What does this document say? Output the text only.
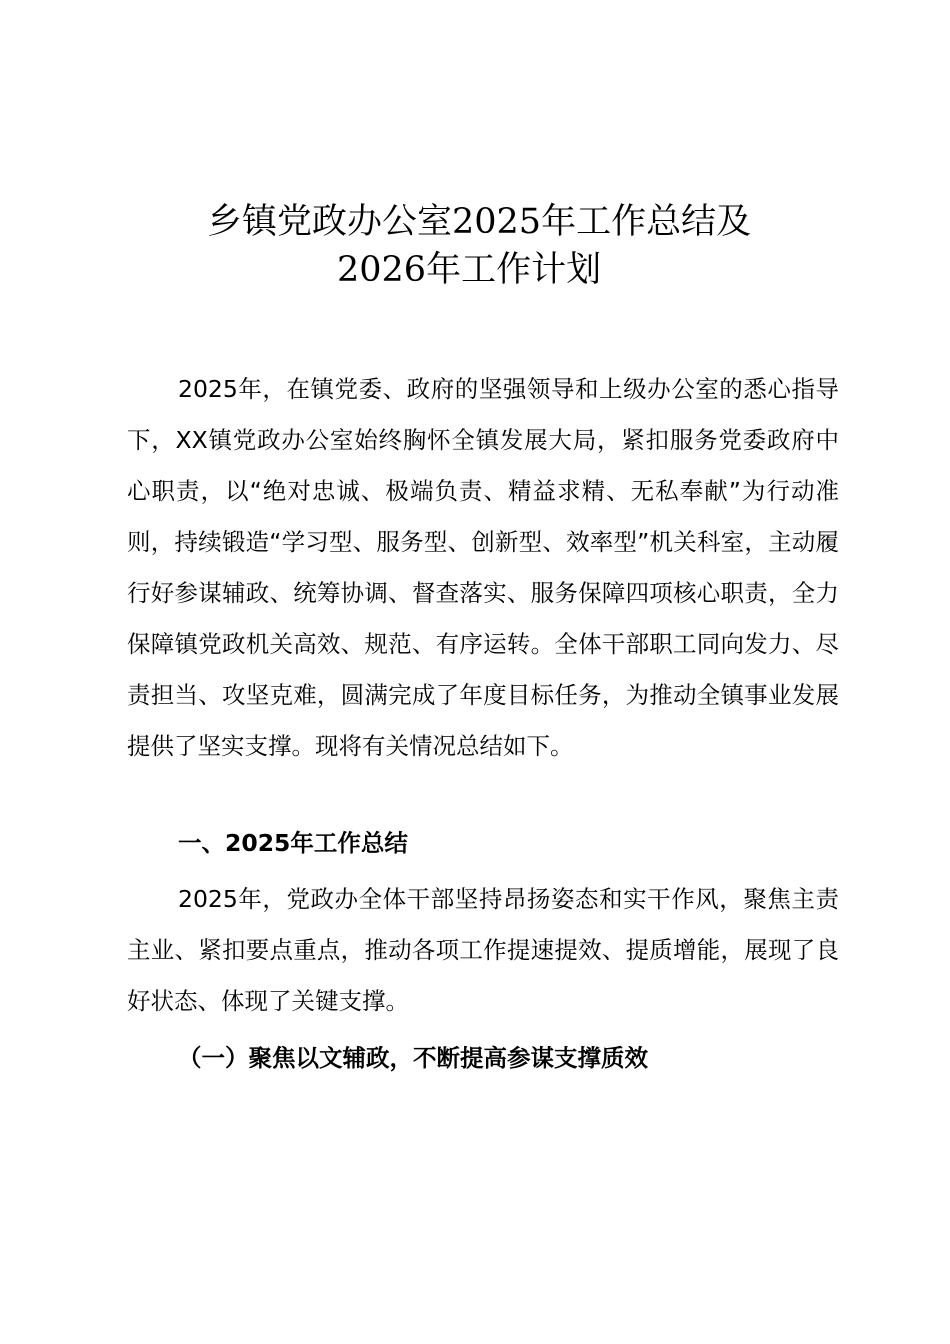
乡镇党政办公室2025年工作总结及
2026年工作计划

2025年，在镇党委、政府的坚强领导和上级办公室的悉心指导下，XX镇党政办公室始终胸怀全镇发展大局，紧扣服务党委政府中心职责，以“绝对忠诚、极端负责、精益求精、无私奉献”为行动准则，持续锻造“学习型、服务型、创新型、效率型”机关科室，主动履行好参谋辅政、统筹协调、督查落实、服务保障四项核心职责，全力保障镇党政机关高效、规范、有序运转。全体干部职工同向发力、尽责担当、攻坚克难，圆满完成了年度目标任务，为推动全镇事业发展提供了坚实支撑。现将有关情况总结如下。

一、2025年工作总结

2025年，党政办全体干部坚持昂扬姿态和实干作风，聚焦主责主业、紧扣要点重点，推动各项工作提速提效、提质增能，展现了良好状态、体现了关键支撑。

（一）聚焦以文辅政，不断提高参谋支撑质效
